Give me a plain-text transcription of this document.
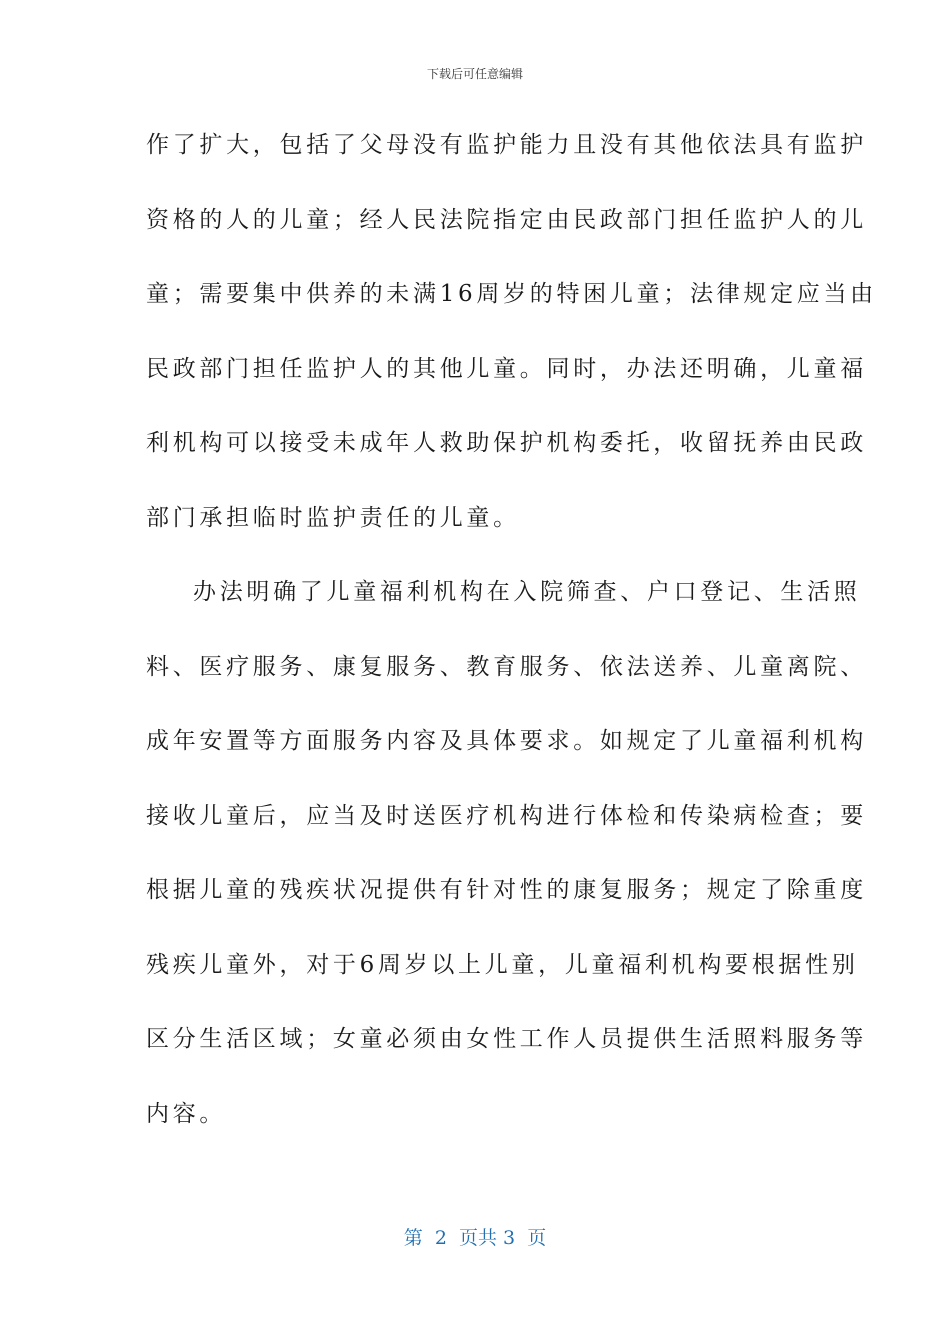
下载后可任意编辑
作了扩大，包括了父母没有监护能力且没有其他依法具有监护
资格的人的儿童；经人民法院指定由民政部门担任监护人的儿
童；需要集中供养的未满16周岁的特困儿童；法律规定应当由
民政部门担任监护人的其他儿童。同时，办法还明确，儿童福
利机构可以接受未成年人救助保护机构委托，收留抚养由民政
部门承担临时监护责任的儿童。
办法明确了儿童福利机构在入院筛查、户口登记、生活照
料、医疗服务、康复服务、教育服务、依法送养、儿童离院、
成年安置等方面服务内容及具体要求。如规定了儿童福利机构
接收儿童后，应当及时送医疗机构进行体检和传染病检查；要
根据儿童的残疾状况提供有针对性的康复服务；规定了除重度
残疾儿童外，对于6周岁以上儿童，儿童福利机构要根据性别
区分生活区域；女童必须由女性工作人员提供生活照料服务等
内容。
第  2  页共 3  页
